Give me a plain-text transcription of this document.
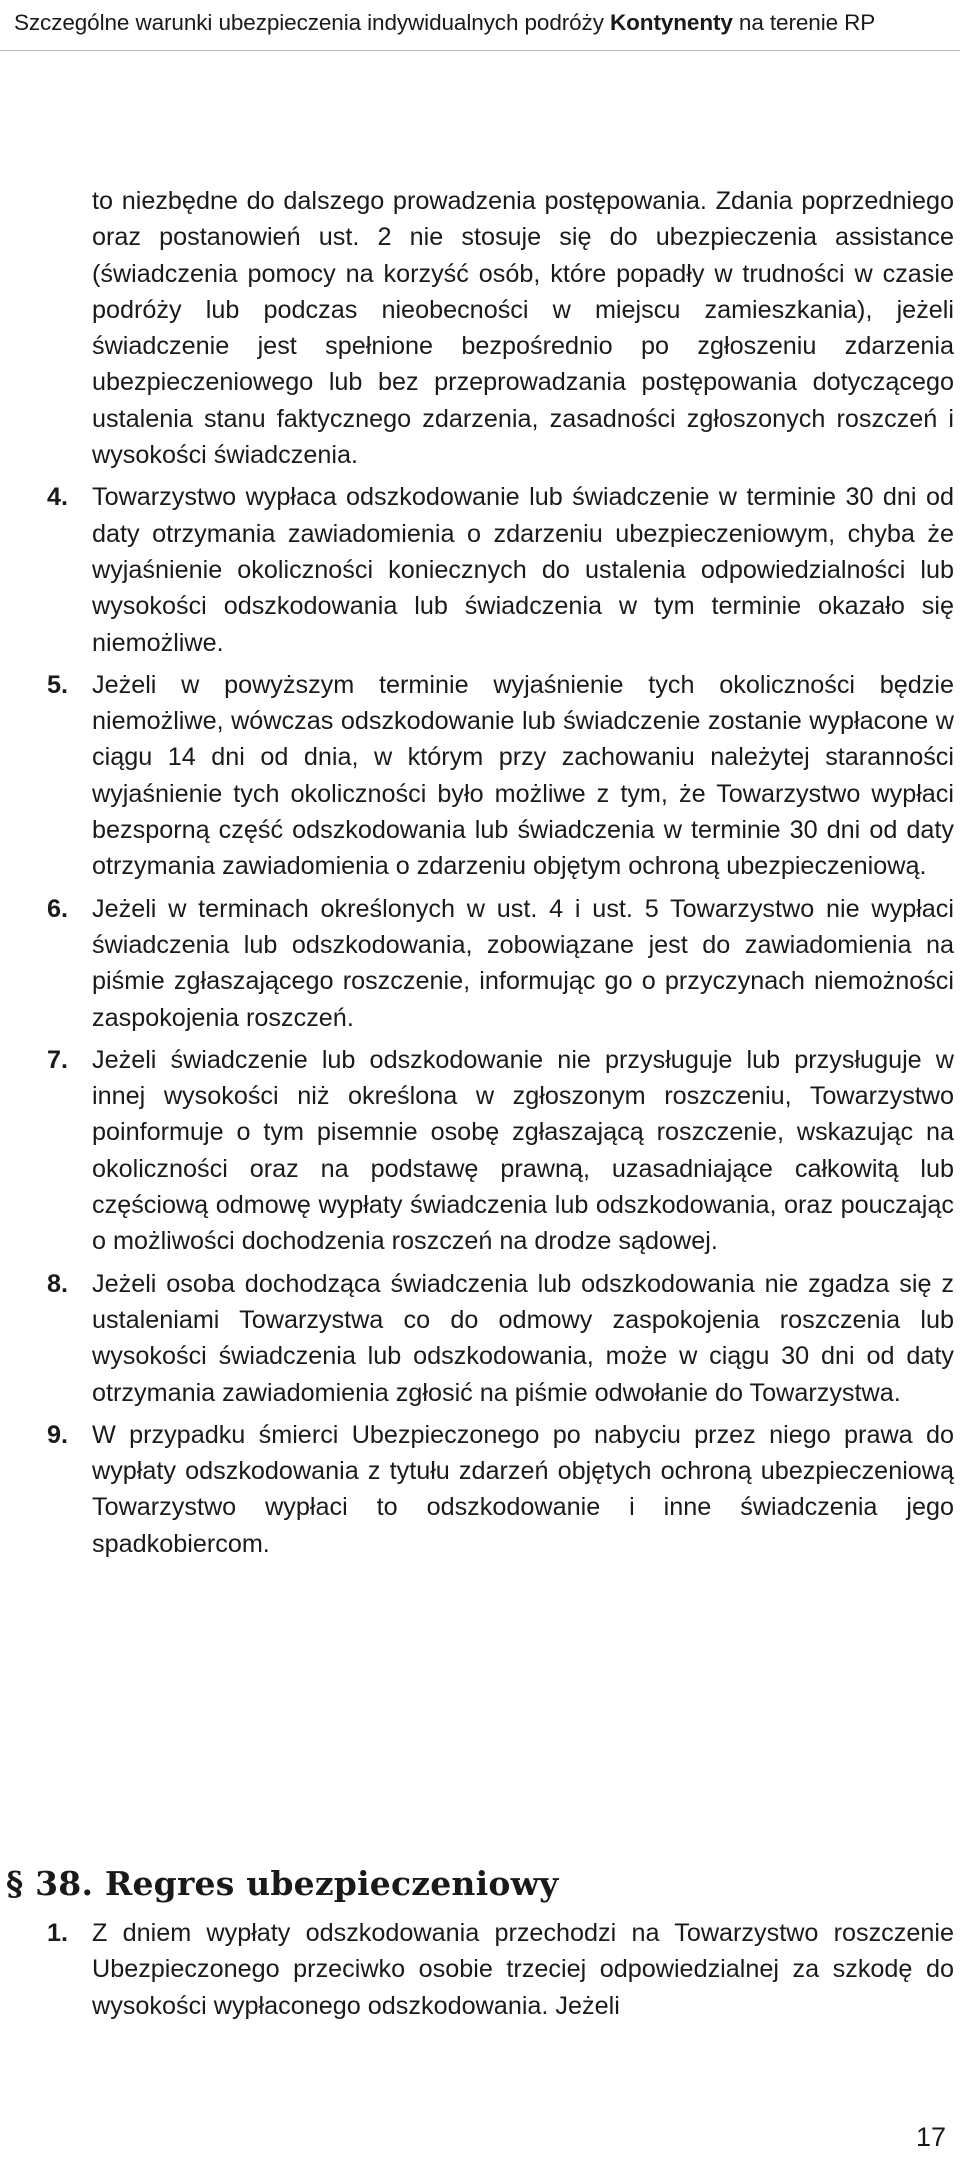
Szczególne warunki ubezpieczenia indywidualnych podróży Kontynenty na terenie RP

to niezbędne do dalszego prowadzenia postępowania. Zdania poprzedniego oraz postanowień ust. 2 nie stosuje się do ubezpieczenia assistance (świadczenia pomocy na korzyść osób, które popadły w trudności w czasie podróży lub podczas nieobecności w miejscu zamieszkania), jeżeli świadczenie jest spełnione bezpośrednio po zgłoszeniu zdarzenia ubezpieczeniowego lub bez przeprowadzania postępowania dotyczącego ustalenia stanu faktycznego zdarzenia, zasadności zgłoszonych roszczeń i wysokości świadczenia.

4. Towarzystwo wypłaca odszkodowanie lub świadczenie w terminie 30 dni od daty otrzymania zawiadomienia o zdarzeniu ubezpieczeniowym, chyba że wyjaśnienie okoliczności koniecznych do ustalenia odpowiedzialności lub wysokości odszkodowania lub świadczenia w tym terminie okazało się niemożliwe.
5. Jeżeli w powyższym terminie wyjaśnienie tych okoliczności będzie niemożliwe, wówczas odszkodowanie lub świadczenie zostanie wypłacone w ciągu 14 dni od dnia, w którym przy zachowaniu należytej staranności wyjaśnienie tych okoliczności było możliwe z tym, że Towarzystwo wypłaci bezsporną część odszkodowania lub świadczenia w terminie 30 dni od daty otrzymania zawiadomienia o zdarzeniu objętym ochroną ubezpieczeniową.
6. Jeżeli w terminach określonych w ust. 4 i ust. 5 Towarzystwo nie wypłaci świadczenia lub odszkodowania, zobowiązane jest do zawiadomienia na piśmie zgłaszającego roszczenie, informując go o przyczynach niemożności zaspokojenia roszczeń.
7. Jeżeli świadczenie lub odszkodowanie nie przysługuje lub przysługuje w innej wysokości niż określona w zgłoszonym roszczeniu, Towarzystwo poinformuje o tym pisemnie osobę zgłaszającą roszczenie, wskazując na okoliczności oraz na podstawę prawną, uzasadniające całkowitą lub częściową odmowę wypłaty świadczenia lub odszkodowania, oraz pouczając o możliwości dochodzenia roszczeń na drodze sądowej.
8. Jeżeli osoba dochodząca świadczenia lub odszkodowania nie zgadza się z ustaleniami Towarzystwa co do odmowy zaspokojenia roszczenia lub wysokości świadczenia lub odszkodowania, może w ciągu 30 dni od daty otrzymania zawiadomienia zgłosić na piśmie odwołanie do Towarzystwa.
9. W przypadku śmierci Ubezpieczonego po nabyciu przez niego prawa do wypłaty odszkodowania z tytułu zdarzeń objętych ochroną ubezpieczeniową Towarzystwo wypłaci to odszkodowanie i inne świadczenia jego spadkobiercom.
§ 38. Regres ubezpieczeniowy
1. Z dniem wypłaty odszkodowania przechodzi na Towarzystwo roszczenie Ubezpieczonego przeciwko osobie trzeciej odpowiedzialnej za szkodę do wysokości wypłaconego odszkodowania. Jeżeli
17
